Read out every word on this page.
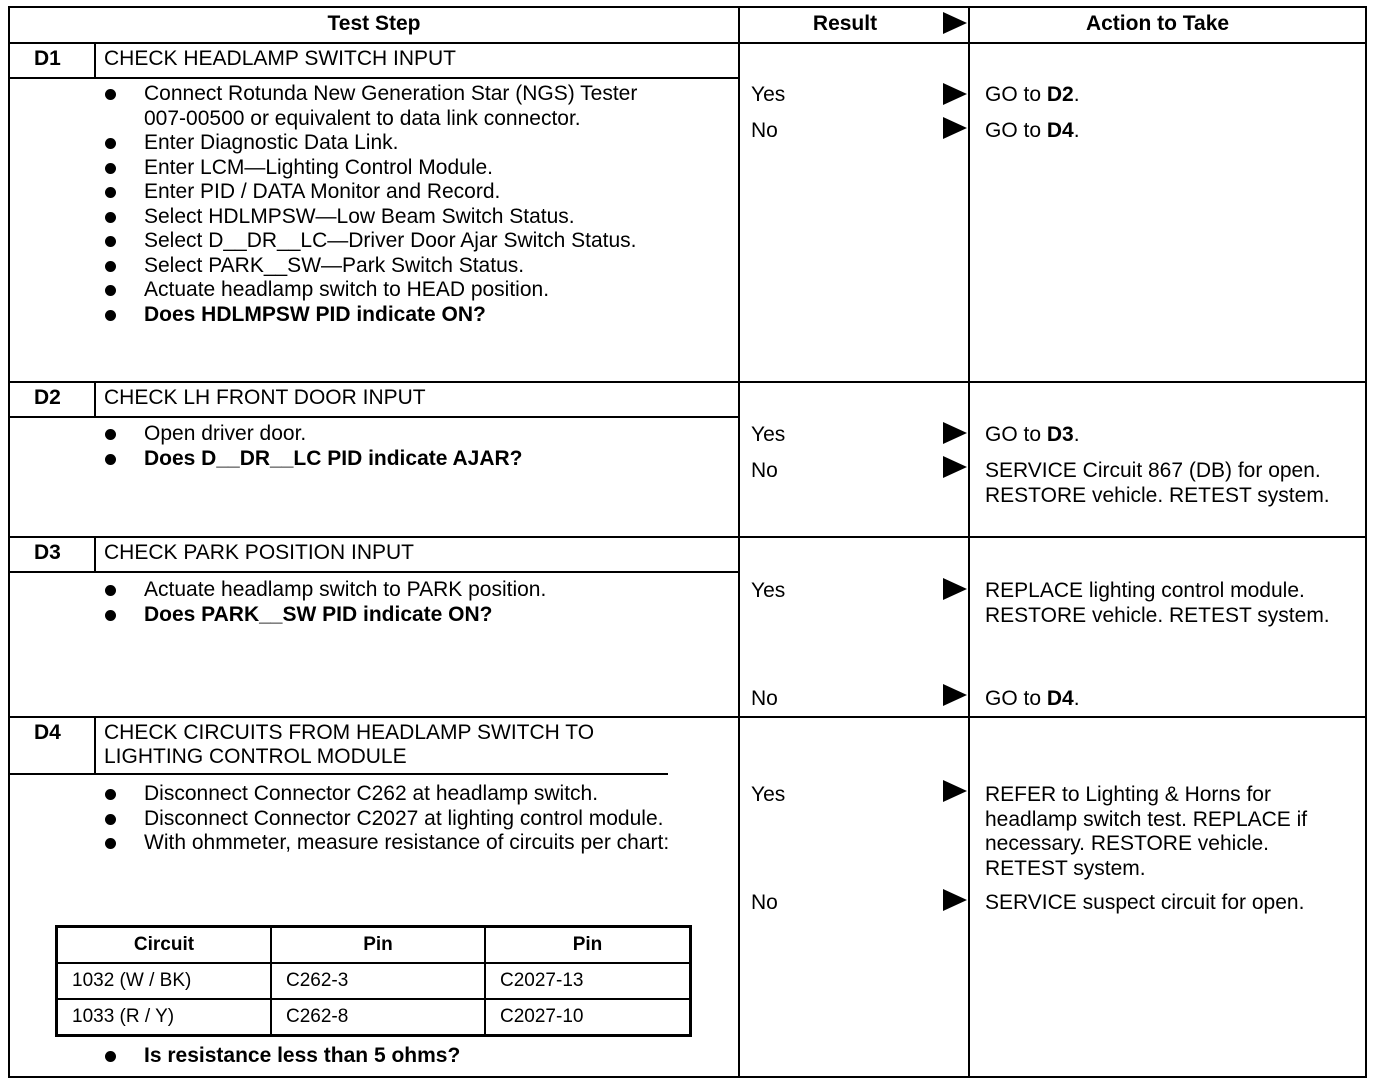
Test Step	Result	Action to Take
D1 CHECK HEADLAMP SWITCH INPUT
Connect Rotunda New Generation Star (NGS) Tester 007-00500 or equivalent to data link connector.
Enter Diagnostic Data Link.
Enter LCM—Lighting Control Module.
Enter PID / DATA Monitor and Record.
Select HDLMPSW—Low Beam Switch Status.
Select D__DR__LC—Driver Door Ajar Switch Status.
Select PARK__SW—Park Switch Status.
Actuate headlamp switch to HEAD position.
Does HDLMPSW PID indicate ON?
Yes	GO to D2.
No	GO to D4.
D2 CHECK LH FRONT DOOR INPUT
Open driver door.
Does D__DR__LC PID indicate AJAR?
Yes	GO to D3.
No	SERVICE Circuit 867 (DB) for open. RESTORE vehicle. RETEST system.
D3 CHECK PARK POSITION INPUT
Actuate headlamp switch to PARK position.
Does PARK__SW PID indicate ON?
Yes	REPLACE lighting control module. RESTORE vehicle. RETEST system.
No	GO to D4.
D4 CHECK CIRCUITS FROM HEADLAMP SWITCH TO LIGHTING CONTROL MODULE
Disconnect Connector C262 at headlamp switch.
Disconnect Connector C2027 at lighting control module.
With ohmmeter, measure resistance of circuits per chart:
Circuit	Pin	Pin
1032 (W / BK)	C262-3	C2027-13
1033 (R / Y)	C262-8	C2027-10
Is resistance less than 5 ohms?
Yes	REFER to Lighting & Horns for headlamp switch test. REPLACE if necessary. RESTORE vehicle. RETEST system.
No	SERVICE suspect circuit for open.
